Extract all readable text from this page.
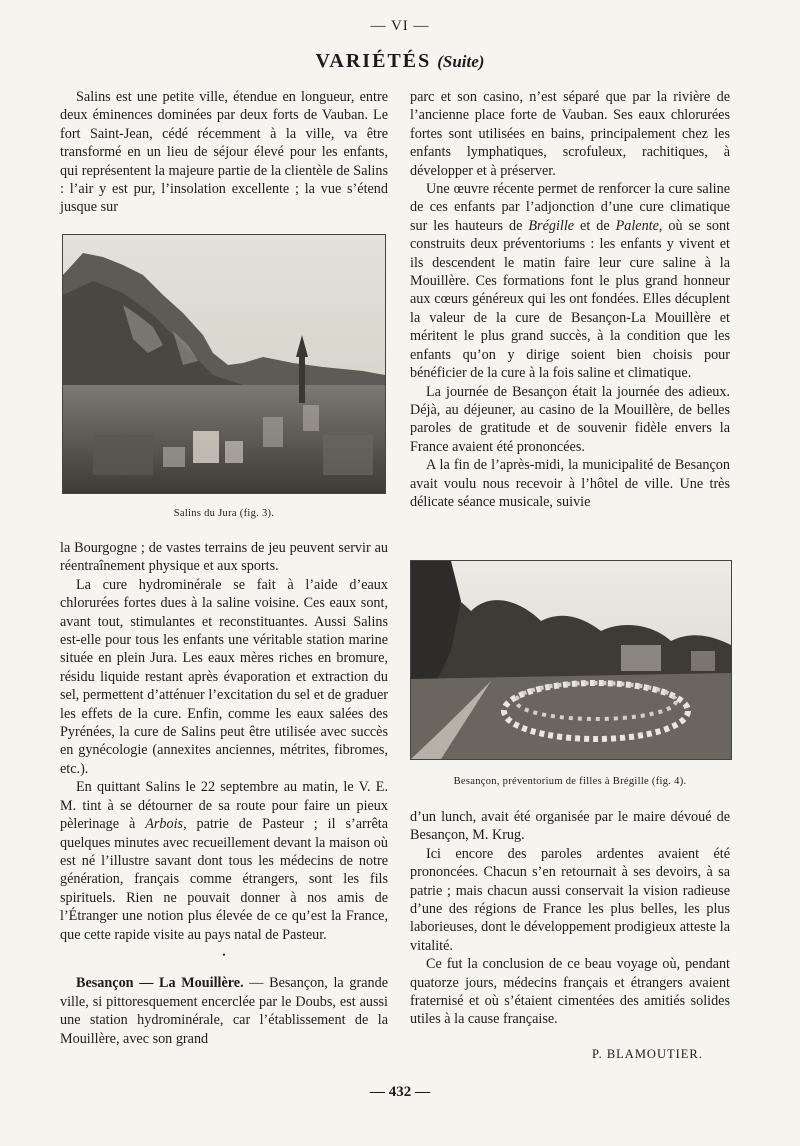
— VI —
VARIÉTÉS (Suite)

Salins est une petite ville, étendue en longueur, entre deux éminences dominées par deux forts de Vauban. Le fort Saint-Jean, cédé récemment à la ville, va être transformé en un lieu de séjour élevé pour les enfants, qui représentent la majeure partie de la clientèle de Salins : l’air y est pur, l’insolation excellente ; la vue s’étend jusque sur

Salins du Jura (fig. 3).

la Bourgogne ; de vastes terrains de jeu peuvent servir au réentraînement physique et aux sports.

La cure hydrominérale se fait à l’aide d’eaux chlorurées fortes dues à la saline voisine. Ces eaux sont, avant tout, stimulantes et reconstituantes. Aussi Salins est-elle pour tous les enfants une véritable station marine située en plein Jura. Les eaux mères riches en bromure, résidu liquide restant après évaporation et extraction du sel, permettent d’atténuer l’excitation du sel et de graduer les effets de la cure. Enfin, comme les eaux salées des Pyrénées, la cure de Salins peut être utilisée avec succès en gynécologie (annexites anciennes, métrites, fibromes, etc.).

En quittant Salins le 22 septembre au matin, le V. E. M. tint à se détourner de sa route pour faire un pieux pèlerinage à Arbois, patrie de Pasteur ; il s’arrêta quelques minutes avec recueillement devant la maison où est né l’illustre savant dont tous les médecins de notre génération, français comme étrangers, sont les fils spirituels. Rien ne pouvait donner à nos amis de l’Étranger une notion plus élevée de ce qu’est la France, que cette rapide visite au pays natal de Pasteur.

•

Besançon — La Mouillère. — Besançon, la grande ville, si pittoresquement encerclée par le Doubs, est aussi une station hydrominérale, car l’établissement de la Mouillère, avec son grand

parc et son casino, n’est séparé que par la rivière de l’ancienne place forte de Vauban. Ses eaux chlorurées fortes sont utilisées en bains, principalement chez les enfants lymphatiques, scrofuleux, rachitiques, à développer et à préserver.

Une œuvre récente permet de renforcer la cure saline de ces enfants par l’adjonction d’une cure climatique sur les hauteurs de Brégille et de Palente, où se sont construits deux préventoriums : les enfants y vivent et ils descendent le matin faire leur cure saline à la Mouillère. Ces formations font le plus grand honneur aux cœurs généreux qui les ont fondées. Elles décuplent la valeur de la cure de Besançon-La Mouillère et méritent le plus grand succès, à la condition que les enfants qu’on y dirige soient bien choisis pour bénéficier de la cure à la fois saline et climatique.

La journée de Besançon était la journée des adieux. Déjà, au déjeuner, au casino de la Mouillère, de belles paroles de gratitude et de souvenir fidèle envers la France avaient été prononcées.

A la fin de l’après-midi, la municipalité de Besançon avait voulu nous recevoir à l’hôtel de ville. Une très délicate séance musicale, suivie

Besançon, préventorium de filles à Brégille (fig. 4).

d’un lunch, avait été organisée par le maire dévoué de Besançon, M. Krug.

Ici encore des paroles ardentes avaient été prononcées. Chacun s’en retournait à ses devoirs, à sa patrie ; mais chacun aussi conservait la vision radieuse d’une des régions de France les plus belles, les plus laborieuses, dont le développement prodigieux atteste la vitalité.

Ce fut la conclusion de ce beau voyage où, pendant quatorze jours, médecins français et étrangers avaient fraternisé et où s’étaient cimentées des amitiés solides utiles à la cause française.

P. BLAMOUTIER.
— 432 —
